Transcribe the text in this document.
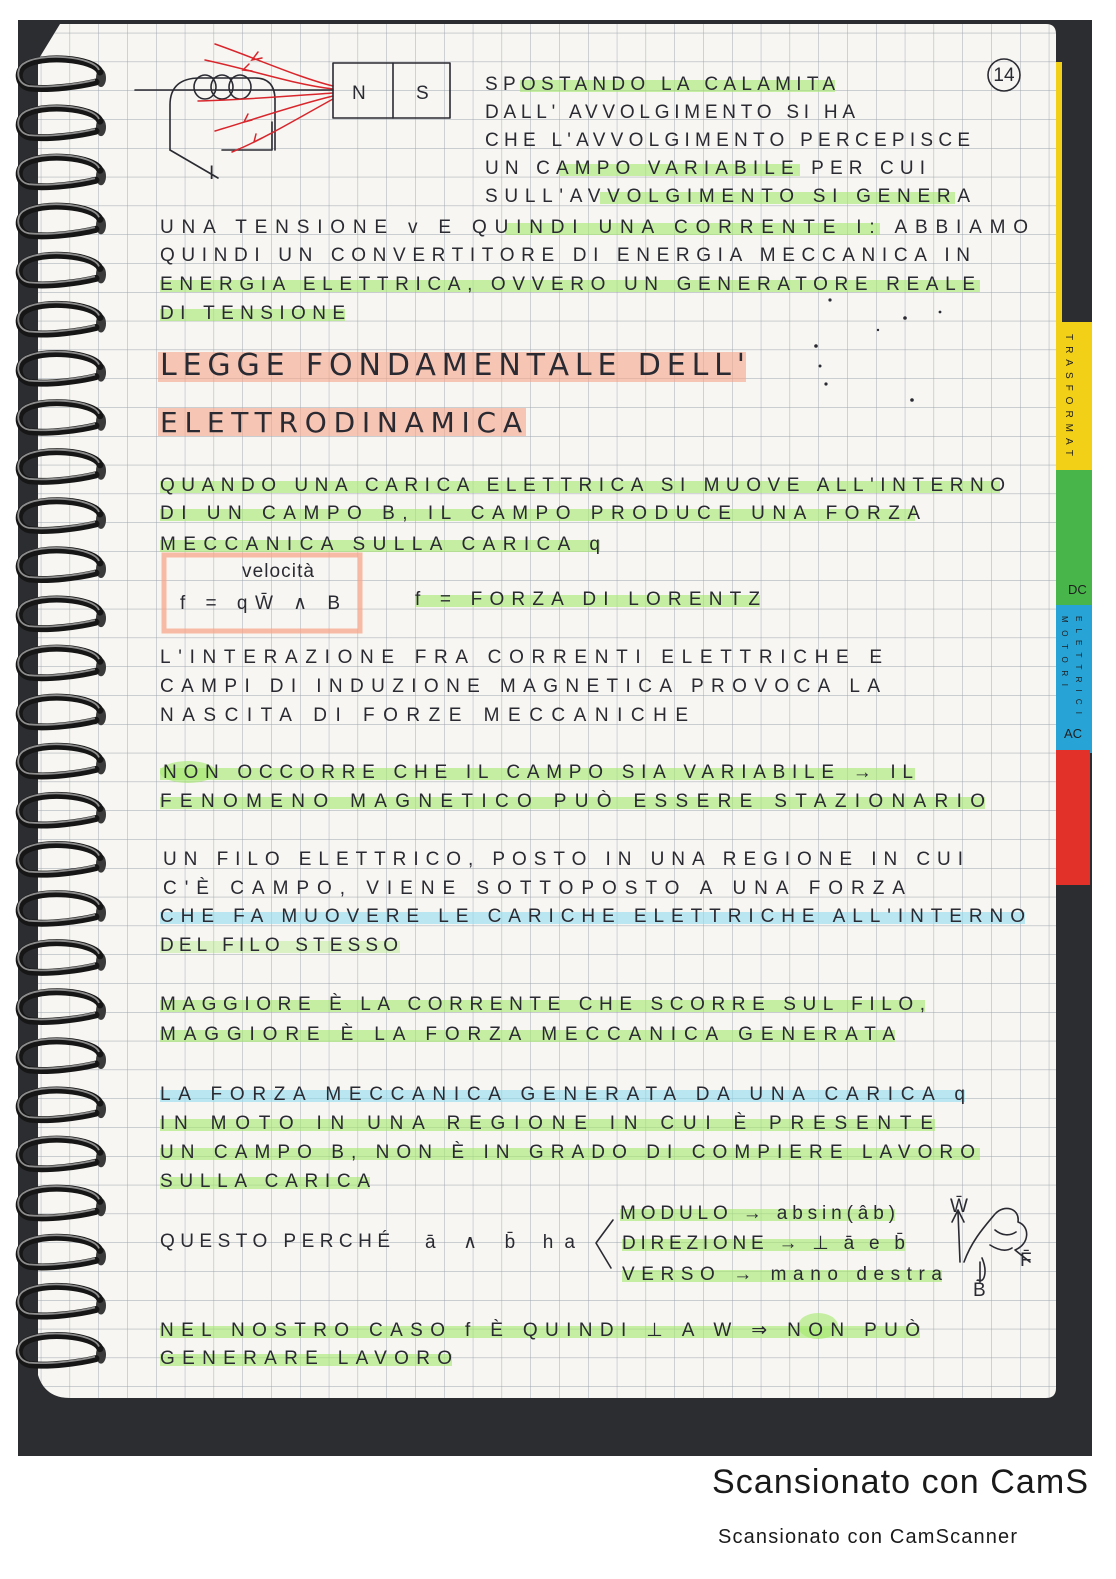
TRASFORMAT
DC
MOTORI
ELETTRICI
AC
N	S
I
14
SPOSTANDO LA CALAMITA
DALL' AVVOLGIMENTO SI HA
CHE L'AVVOLGIMENTO PERCEPISCE
UN CAMPO VARIABILE PER CUI
SULL'AVVOLGIMENTO SI GENERA
UNA TENSIONE v E QUINDI UNA CORRENTE I: ABBIAMO
QUINDI UN CONVERTITORE DI ENERGIA MECCANICA IN
ENERGIA ELETTRICA, OVVERO UN GENERATORE REALE
DI TENSIONE
LEGGE FONDAMENTALE DELL'
ELETTRODINAMICA
QUANDO UNA CARICA ELETTRICA SI MUOVE ALL'INTERNO
DI UN CAMPO B, IL CAMPO PRODUCE UNA FORZA
MECCANICA SULLA CARICA q
velocità
f = qW̄ ∧ B	f = FORZA DI LORENTZ
L'INTERAZIONE FRA CORRENTI ELETTRICHE E
CAMPI DI INDUZIONE MAGNETICA PROVOCA LA
NASCITA DI FORZE MECCANICHE
NON OCCORRE CHE IL CAMPO SIA VARIABILE → IL
FENOMENO MAGNETICO PUÒ ESSERE STAZIONARIO
UN FILO ELETTRICO, POSTO IN UNA REGIONE IN CUI
C'È CAMPO, VIENE SOTTOPOSTO A UNA FORZA
CHE FA MUOVERE LE CARICHE ELETTRICHE ALL'INTERNO
DEL FILO STESSO
MAGGIORE È LA CORRENTE CHE SCORRE SUL FILO,
MAGGIORE È LA FORZA MECCANICA GENERATA
LA FORZA MECCANICA GENERATA DA UNA CARICA q
IN MOTO IN UNA REGIONE IN CUI È PRESENTE
UN CAMPO B, NON È IN GRADO DI COMPIERE LAVORO
SULLA CARICA
QUESTO PERCHÉ ā ∧ b̄ ha
MODULO → absin(âb)
DIREZIONE → ⊥ ā e b̄
VERSO → mano destra
W̄
F̄
B̄
NEL NOSTRO CASO f È QUINDI ⊥ A W ⇒ NON PUÒ
GENERARE LAVORO
Scansionato con CamS
Scansionato con CamScanner
